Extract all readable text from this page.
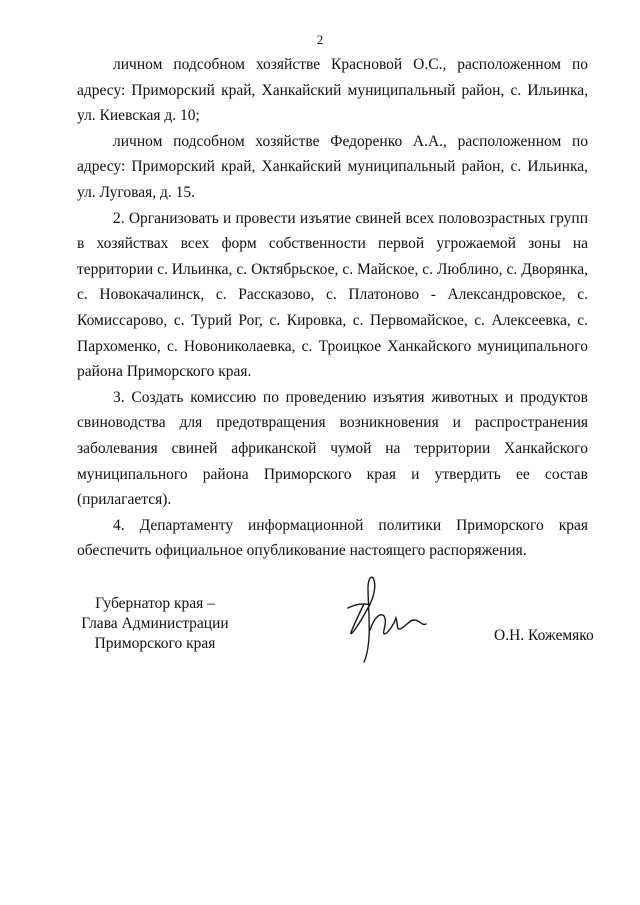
2

личном подсобном хозяйстве Красновой О.С., расположенном по адресу: Приморский край, Ханкайский муниципальный район, с. Ильинка, ул. Киевская д. 10;

личном подсобном хозяйстве Федоренко А.А., расположенном по адресу: Приморский край, Ханкайский муниципальный район, с. Ильинка, ул. Луговая, д. 15.

2. Организовать и провести изъятие свиней всех половозрастных групп в хозяйствах всех форм собственности первой угрожаемой зоны на территории с. Ильинка, с. Октябрьское, с. Майское, с. Люблино, с. Дворянка, с. Новокачалинск, с. Рассказово, с. Платоново - Александровское, с. Комиссарово, с. Турий Рог, с. Кировка, с. Первомайское, с. Алексеевка, с. Пархоменко, с. Новониколаевка, с. Троицкое Ханкайского муниципального района Приморского края.

3. Создать комиссию по проведению изъятия животных и продуктов свиноводства для предотвращения возникновения и распространения заболевания свиней африканской чумой на территории Ханкайского муниципального района Приморского края и утвердить ее состав (прилагается).

4. Департаменту информационной политики Приморского края обеспечить официальное опубликование настоящего распоряжения.

Губернатор края –
Глава Администрации
Приморского края	О.Н. Кожемяко
